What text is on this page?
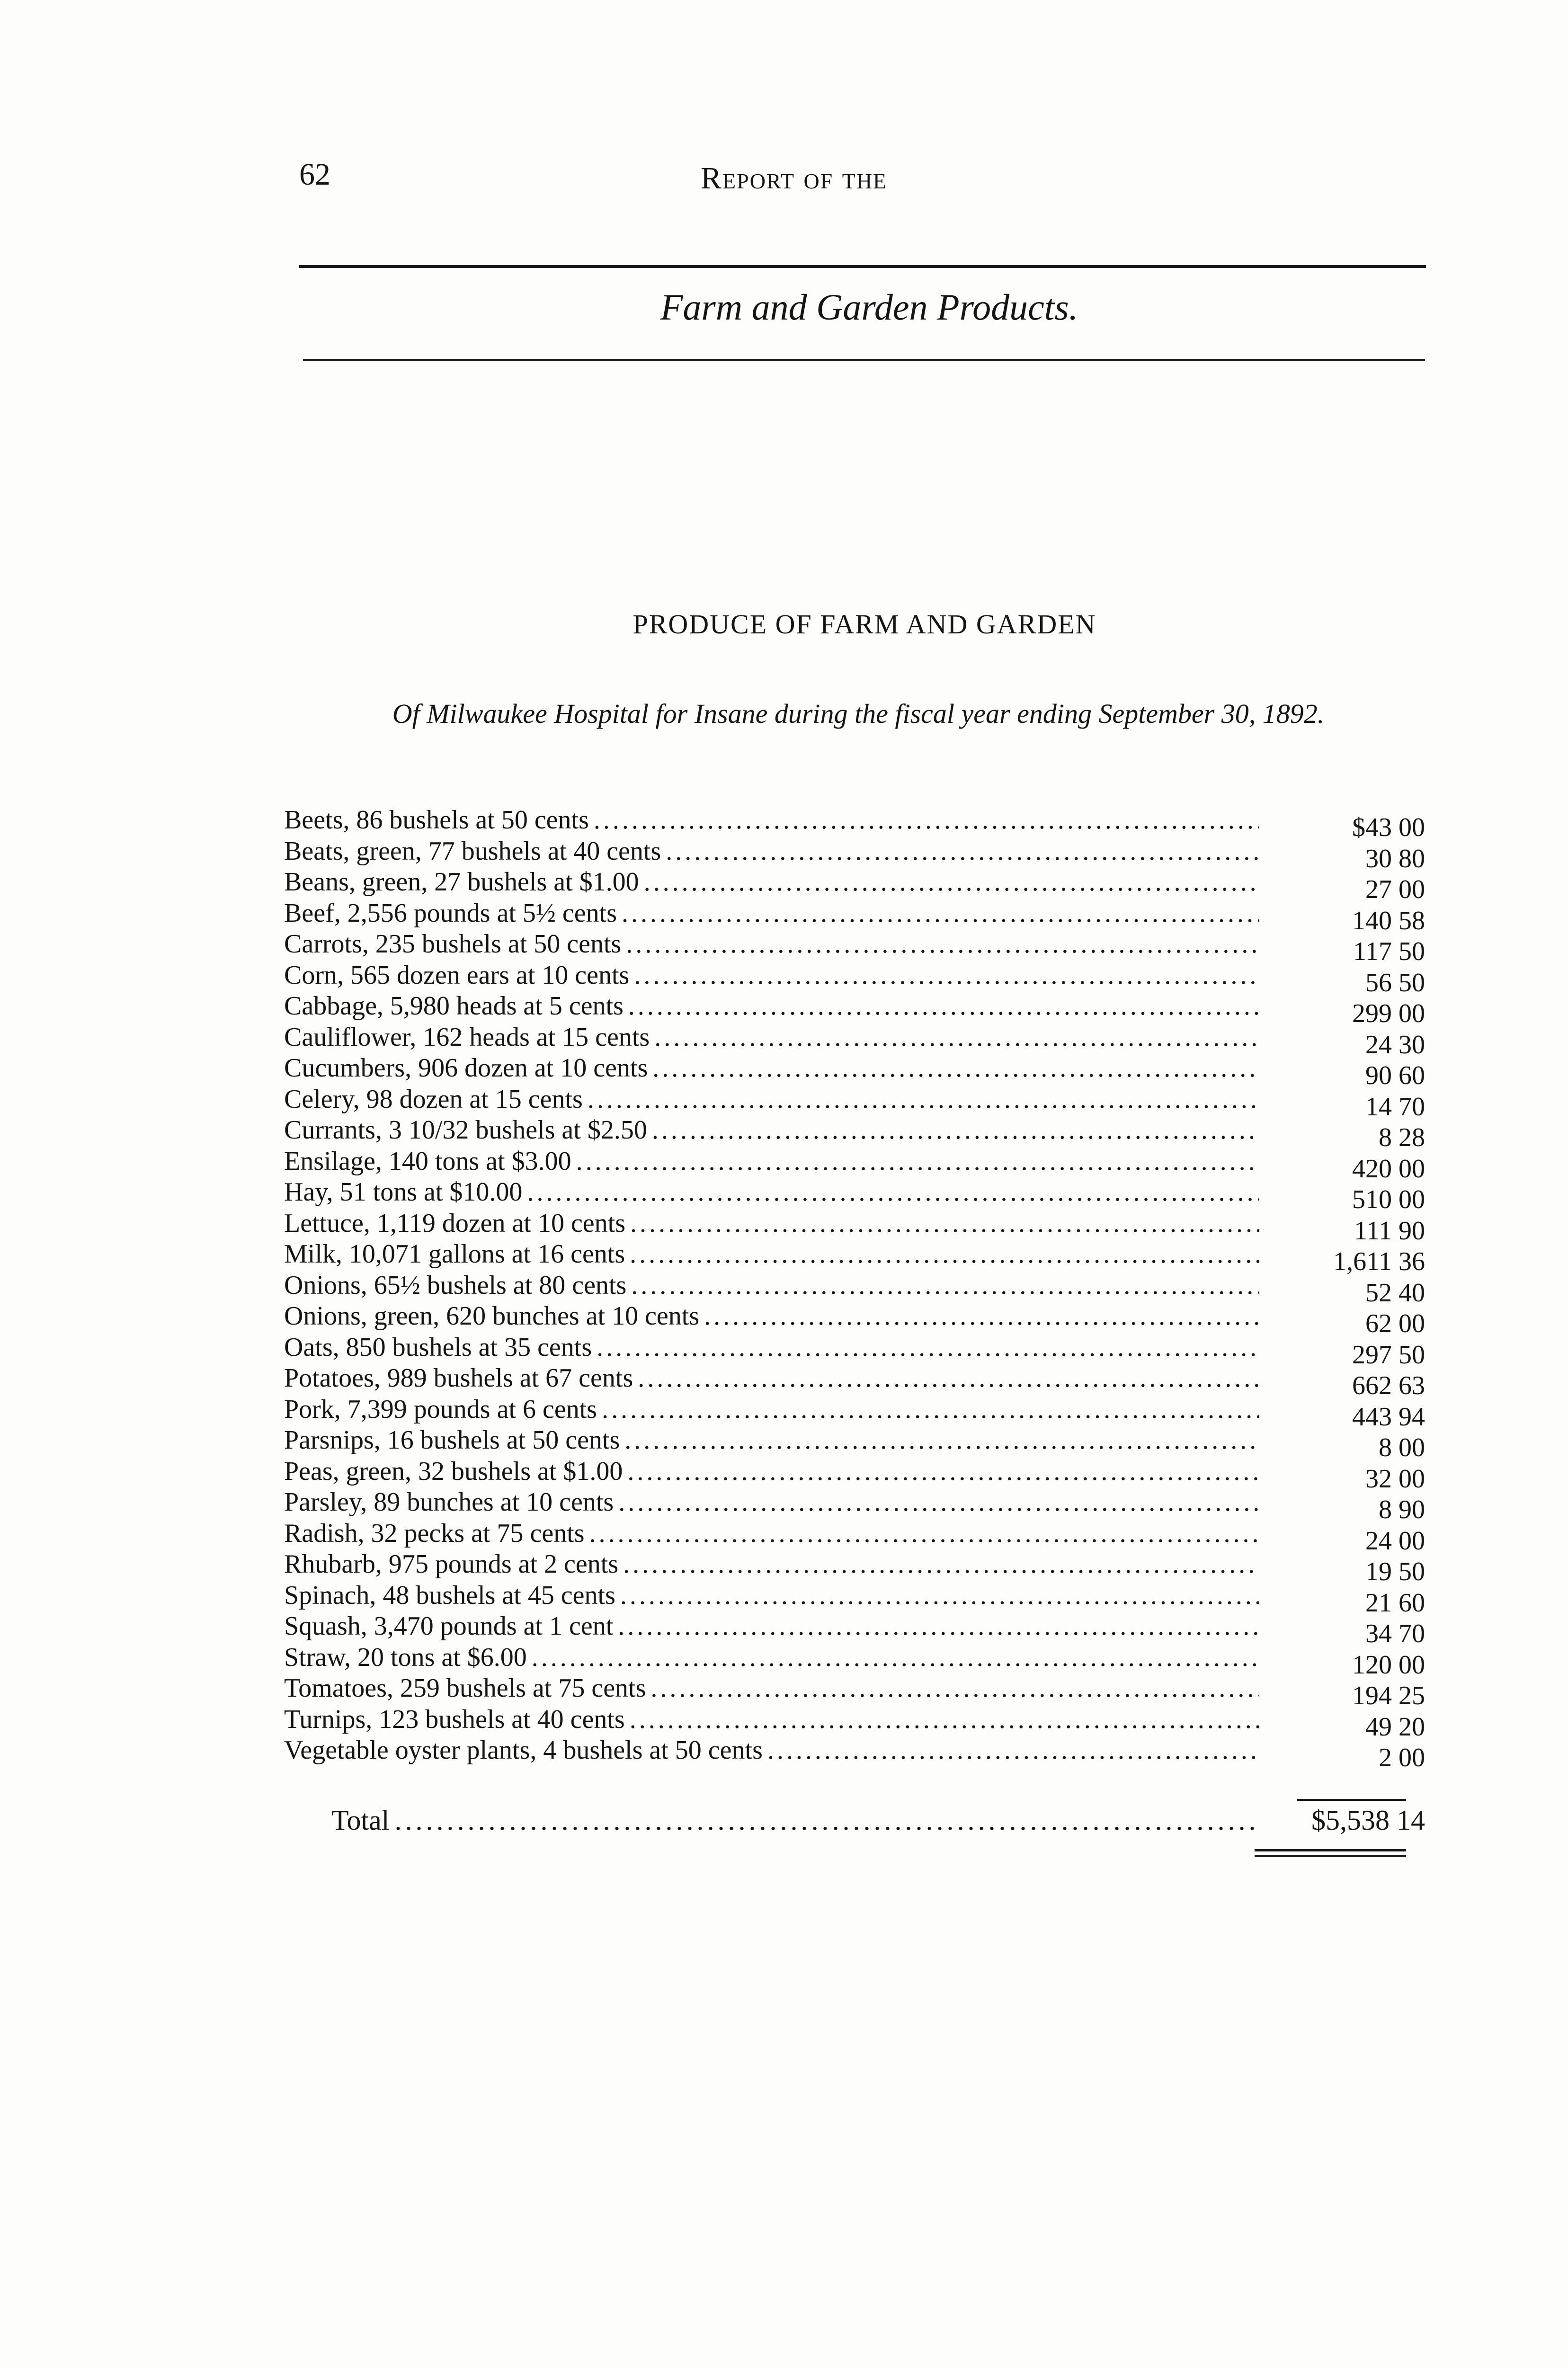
62	Report of the
Farm and Garden Products.
PRODUCE OF FARM AND GARDEN
Of Milwaukee Hospital for Insane during the fiscal year ending September 30, 1892.
Beets, 86 bushels at 50 cents . . .	$43 00
Beats, green, 77 bushels at 40 cents . . .	30 80
Beans, green, 27 bushels at $1.00 . . .	27 00
Beef, 2,556 pounds at 5½ cents . . .	140 58
Carrots, 235 bushels at 50 cents . . .	117 50
Corn, 565 dozen ears at 10 cents . . .	56 50
Cabbage, 5,980 heads at 5 cents . . .	299 00
Cauliflower, 162 heads at 15 cents . . .	24 30
Cucumbers, 906 dozen at 10 cents . . .	90 60
Celery, 98 dozen at 15 cents . . .	14 70
Currants, 3 10/32 bushels at $2.50 . . .	8 28
Ensilage, 140 tons at $3.00 . . .	420 00
Hay, 51 tons at $10.00 . . .	510 00
Lettuce, 1,119 dozen at 10 cents . . .	111 90
Milk, 10,071 gallons at 16 cents . . .	1,611 36
Onions, 65½ bushels at 80 cents . . .	52 40
Onions, green, 620 bunches at 10 cents . . .	62 00
Oats, 850 bushels at 35 cents . . .	297 50
Potatoes, 989 bushels at 67 cents . . .	662 63
Pork, 7,399 pounds at 6 cents . . .	443 94
Parsnips, 16 bushels at 50 cents . . .	8 00
Peas, green, 32 bushels at $1.00 . . .	32 00
Parsley, 89 bunches at 10 cents . . .	8 90
Radish, 32 pecks at 75 cents . . .	24 00
Rhubarb, 975 pounds at 2 cents . . .	19 50
Spinach, 48 bushels at 45 cents . . .	21 60
Squash, 3,470 pounds at 1 cent . . .	34 70
Straw, 20 tons at $6.00 . . .	120 00
Tomatoes, 259 bushels at 75 cents . . .	194 25
Turnips, 123 bushels at 40 cents . . .	49 20
Vegetable oyster plants, 4 bushels at 50 cents . . .	2 00
Total . . .	$5,538 14
